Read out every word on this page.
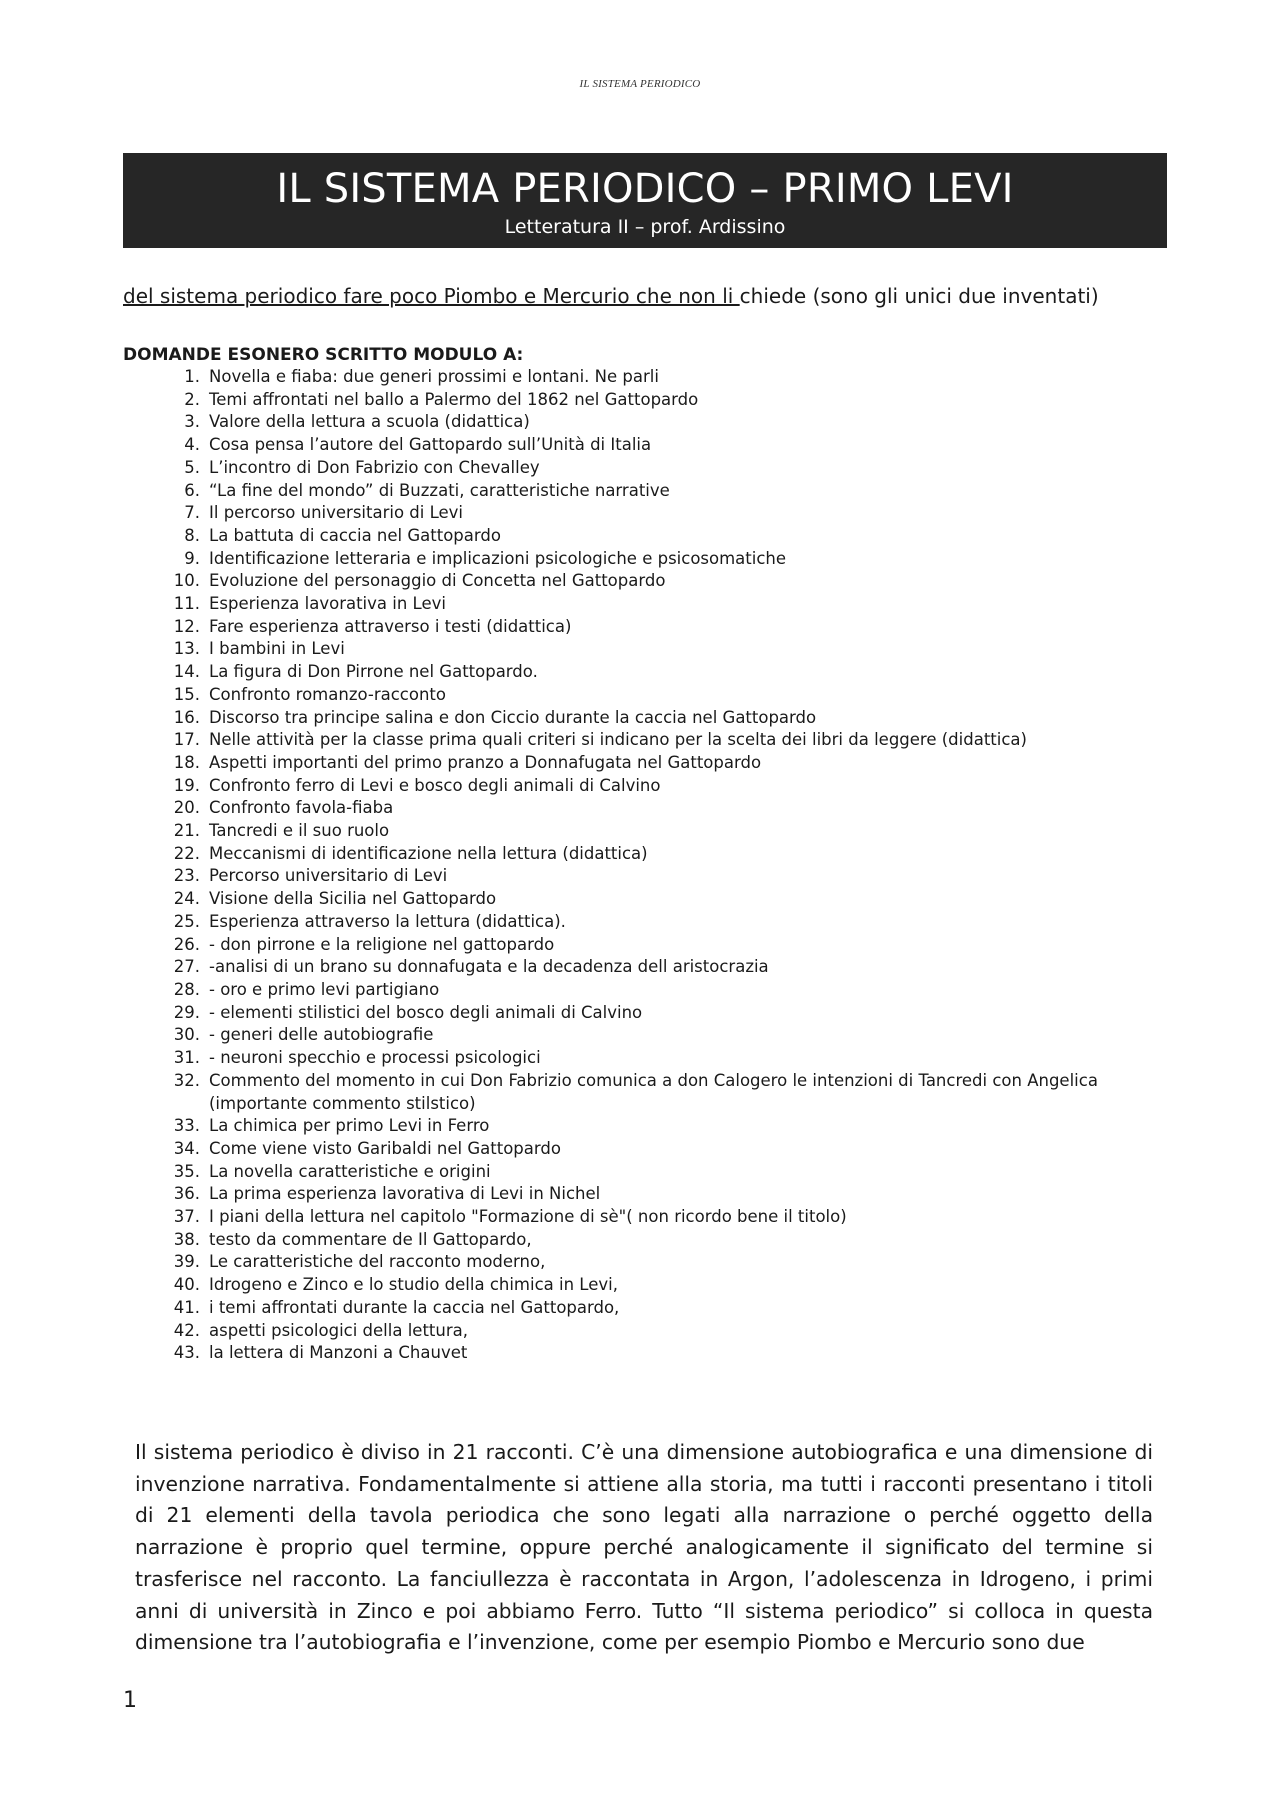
IL SISTEMA PERIODICO
IL SISTEMA PERIODICO – PRIMO LEVI
Letteratura II – prof. Ardissino
del sistema periodico fare poco Piombo e Mercurio che non li chiede (sono gli unici due inventati)
DOMANDE ESONERO SCRITTO MODULO A:
1. Novella e fiaba: due generi prossimi e lontani. Ne parli
2. Temi affrontati nel ballo a Palermo del 1862 nel Gattopardo
3. Valore della lettura a scuola (didattica)
4. Cosa pensa l’autore del Gattopardo sull’Unità di Italia
5. L’incontro di Don Fabrizio con Chevalley
6. “La fine del mondo” di Buzzati, caratteristiche narrative
7. Il percorso universitario di Levi
8. La battuta di caccia nel Gattopardo
9. Identificazione letteraria e implicazioni psicologiche e psicosomatiche
10. Evoluzione del personaggio di Concetta nel Gattopardo
11. Esperienza lavorativa in Levi
12. Fare esperienza attraverso i testi (didattica)
13. I bambini in Levi
14. La figura di Don Pirrone nel Gattopardo.
15. Confronto romanzo-racconto
16. Discorso tra principe salina e don Ciccio durante la caccia nel Gattopardo
17. Nelle attività per la classe prima quali criteri si indicano per la scelta dei libri da leggere (didattica)
18. Aspetti importanti del primo pranzo a Donnafugata nel Gattopardo
19. Confronto ferro di Levi e bosco degli animali di Calvino
20. Confronto favola-fiaba
21. Tancredi e il suo ruolo
22. Meccanismi di identificazione nella lettura (didattica)
23. Percorso universitario di Levi
24. Visione della Sicilia nel Gattopardo
25. Esperienza attraverso la lettura (didattica).
26. - don pirrone e la religione nel gattopardo
27. -analisi di un brano su donnafugata e la decadenza dell aristocrazia
28. - oro e primo levi partigiano
29. - elementi stilistici del bosco degli animali di Calvino
30. - generi delle autobiografie
31. - neuroni specchio e processi psicologici
32. Commento del momento in cui Don Fabrizio comunica a don Calogero le intenzioni di Tancredi con Angelica (importante commento stilstico)
33. La chimica per primo Levi in Ferro
34. Come viene visto Garibaldi nel Gattopardo
35. La novella caratteristiche e origini
36. La prima esperienza lavorativa di Levi in Nichel
37. I piani della lettura nel capitolo "Formazione di sè"( non ricordo bene il titolo)
38. testo da commentare de Il Gattopardo,
39. Le caratteristiche del racconto moderno,
40. Idrogeno e Zinco e lo studio della chimica in Levi,
41. i temi affrontati durante la caccia nel Gattopardo,
42. aspetti psicologici della lettura,
43. la lettera di Manzoni a Chauvet

Il sistema periodico è diviso in 21 racconti. C’è una dimensione autobiografica e una dimensione di invenzione narrativa. Fondamentalmente si attiene alla storia, ma tutti i racconti presentano i titoli di 21 elementi della tavola periodica che sono legati alla narrazione o perché oggetto della narrazione è proprio quel termine, oppure perché analogicamente il significato del termine si trasferisce nel racconto. La fanciullezza è raccontata in Argon, l’adolescenza in Idrogeno, i primi anni di università in Zinco e poi abbiamo Ferro. Tutto “Il sistema periodico” si colloca in questa dimensione tra l’autobiografia e l’invenzione, come per esempio Piombo e Mercurio sono due

1
